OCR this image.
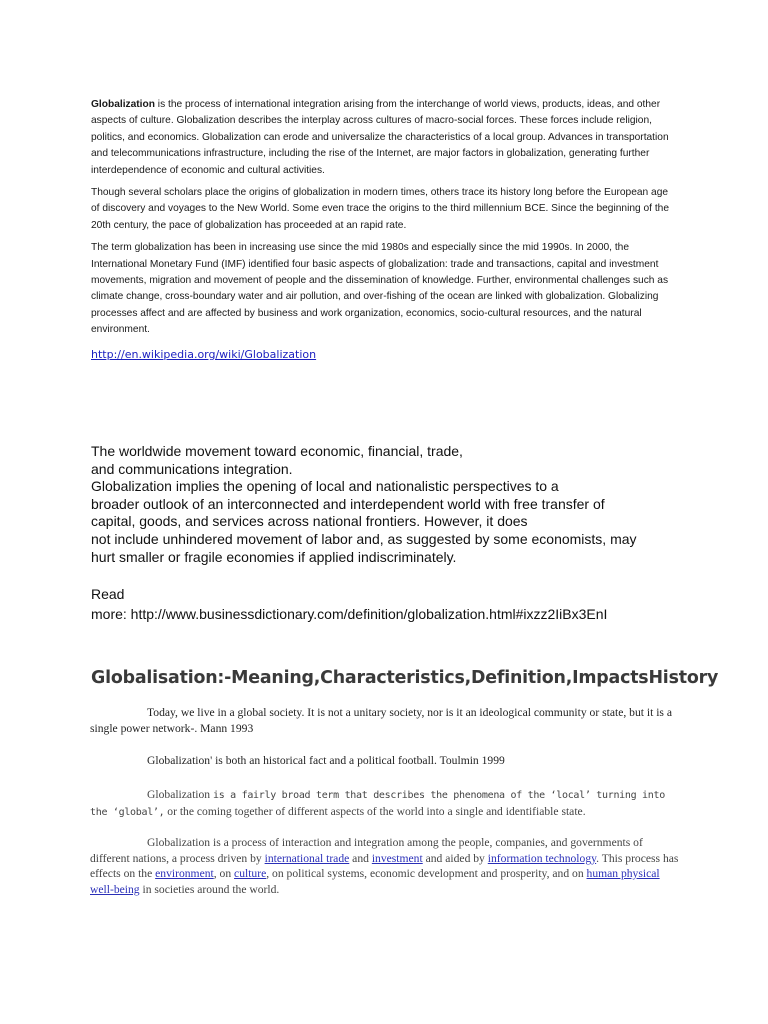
Globalization is the process of international integration arising from the interchange of world views, products, ideas, and other aspects of culture. Globalization describes the interplay across cultures of macro-social forces. These forces include religion, politics, and economics. Globalization can erode and universalize the characteristics of a local group. Advances in transportation and telecommunications infrastructure, including the rise of the Internet, are major factors in globalization, generating further interdependence of economic and cultural activities.

Though several scholars place the origins of globalization in modern times, others trace its history long before the European age of discovery and voyages to the New World. Some even trace the origins to the third millennium BCE. Since the beginning of the 20th century, the pace of globalization has proceeded at an rapid rate.

The term globalization has been in increasing use since the mid 1980s and especially since the mid 1990s. In 2000, the International Monetary Fund (IMF) identified four basic aspects of globalization: trade and transactions, capital and investment movements, migration and movement of people and the dissemination of knowledge. Further, environmental challenges such as climate change, cross-boundary water and air pollution, and over-fishing of the ocean are linked with globalization. Globalizing processes affect and are affected by business and work organization, economics, socio-cultural resources, and the natural environment.

http://en.wikipedia.org/wiki/Globalization
The worldwide movement toward economic, financial, trade,
and communications integration.
Globalization implies the opening of local and nationalistic perspectives to a
broader outlook of an interconnected and interdependent world with free transfer of
capital, goods, and services across national frontiers. However, it does
not include unhindered movement of labor and, as suggested by some economists, may
hurt smaller or fragile economies if applied indiscriminately.
Read
more: http://www.businessdictionary.com/definition/globalization.html#ixzz2IiBx3EnI
Globalisation:-Meaning,Characteristics,Definition,ImpactsHistory

Today, we live in a global society. It is not a unitary society, nor is it an ideological community or state, but it is a single power network-. Mann 1993

Globalization' is both an historical fact and a political football. Toulmin 1999

Globalization is a fairly broad term that describes the phenomena of the ‘local’ turning into the ‘global’, or the coming together of different aspects of the world into a single and identifiable state.

Globalization is a process of interaction and integration among the people, companies, and governments of different nations, a process driven by international trade and investment and aided by information technology. This process has effects on the environment, on culture, on political systems, economic development and prosperity, and on human physical well-being in societies around the world.
